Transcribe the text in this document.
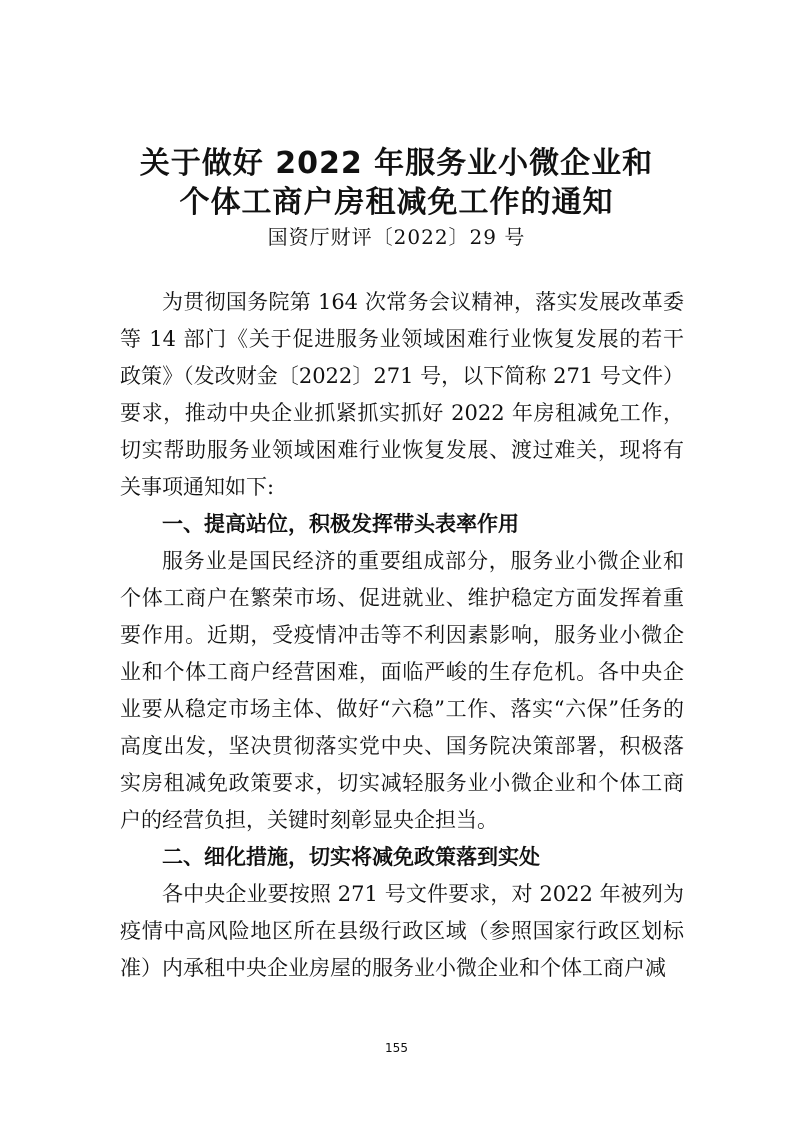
关于做好 2022 年服务业小微企业和
个体工商户房租减免工作的通知
国资厅财评〔2022〕29 号

为贯彻国务院第 164 次常务会议精神，落实发展改革委等 14 部门《关于促进服务业领域困难行业恢复发展的若干政策》（发改财金〔2022〕271 号，以下简称 271 号文件）要求，推动中央企业抓紧抓实抓好 2022 年房租减免工作，切实帮助服务业领域困难行业恢复发展、渡过难关，现将有关事项通知如下:

一、提高站位，积极发挥带头表率作用

服务业是国民经济的重要组成部分，服务业小微企业和个体工商户在繁荣市场、促进就业、维护稳定方面发挥着重要作用。近期，受疫情冲击等不利因素影响，服务业小微企业和个体工商户经营困难，面临严峻的生存危机。各中央企业要从稳定市场主体、做好“六稳”工作、落实“六保”任务的高度出发，坚决贯彻落实党中央、国务院决策部署，积极落实房租减免政策要求，切实减轻服务业小微企业和个体工商户的经营负担，关键时刻彰显央企担当。

二、细化措施，切实将减免政策落到实处

各中央企业要按照 271 号文件要求，对 2022 年被列为疫情中高风险地区所在县级行政区域（参照国家行政区划标准）内承租中央企业房屋的服务业小微企业和个体工商户减

155
